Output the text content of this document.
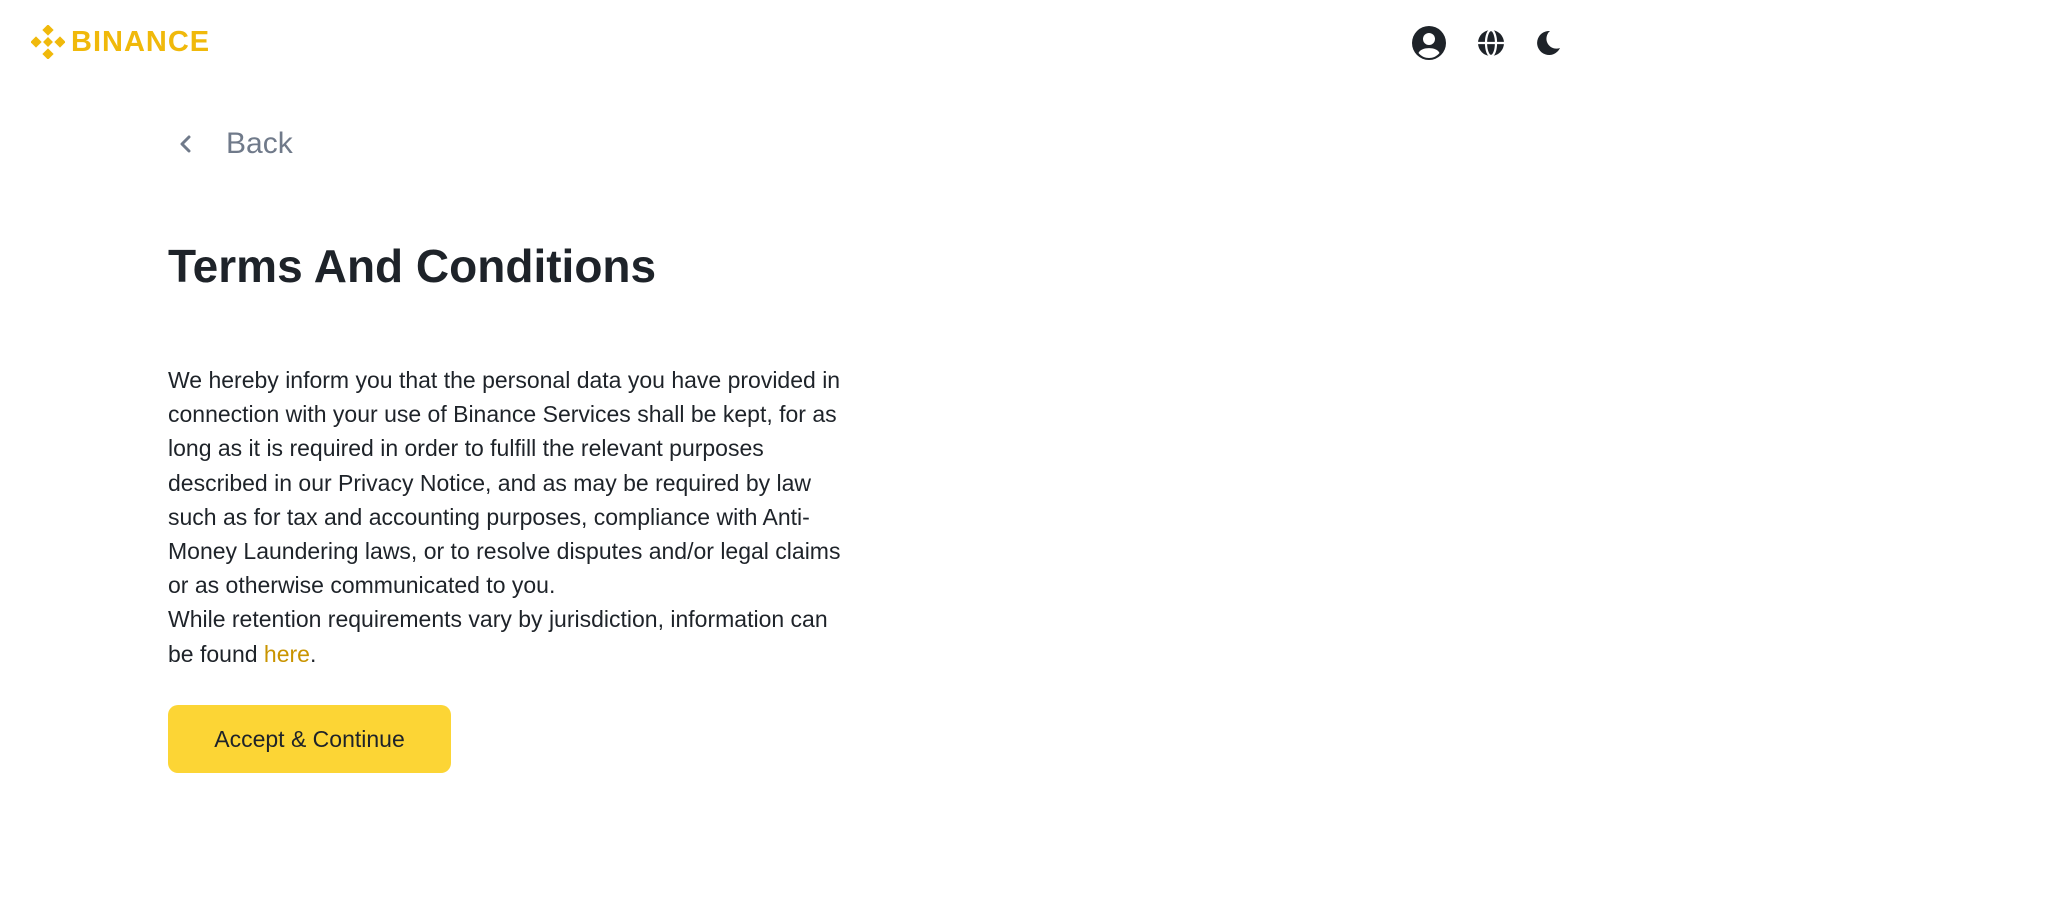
BINANCE
Back
Terms And Conditions

We hereby inform you that the personal data you have provided in connection with your use of Binance Services shall be kept, for as long as it is required in order to fulfill the relevant purposes described in our Privacy Notice, and as may be required by law such as for tax and accounting purposes, compliance with Anti-Money Laundering laws, or to resolve disputes and/or legal claims or as otherwise communicated to you.

While retention requirements vary by jurisdiction, information can be found here.

Accept & Continue
